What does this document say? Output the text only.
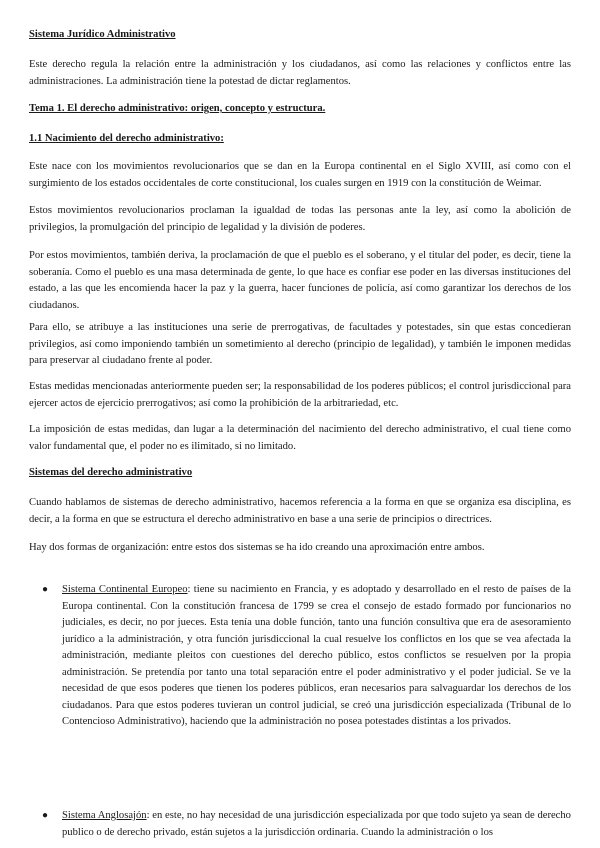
Sistema Jurídico Administrativo

Este derecho regula la relación entre la administración y los ciudadanos, así como las relaciones y conflictos entre las administraciones. La administración tiene la potestad de dictar reglamentos.

Tema 1. El derecho administrativo: origen, concepto y estructura.

1.1 Nacimiento del derecho administrativo:

Este nace con los movimientos revolucionarios que se dan en la Europa continental en el Siglo XVIII, así como con el surgimiento de los estados occidentales de corte constitucional, los cuales surgen en 1919 con la constitución de Weimar.

Estos movimientos revolucionarios proclaman la igualdad de todas las personas ante la ley, así como la abolición de privilegios, la promulgación del principio de legalidad y la división de poderes.

Por estos movimientos, también deriva, la proclamación de que el pueblo es el soberano, y el titular del poder, es decir, tiene la soberanía. Como el pueblo es una masa determinada de gente, lo que hace es confiar ese poder en las diversas instituciones del estado, a las que les encomienda hacer la paz y la guerra, hacer funciones de policía, así como garantizar los derechos de los ciudadanos.

Para ello, se atribuye a las instituciones una serie de prerrogativas, de facultades y potestades, sin que estas concedieran privilegios, así como imponiendo también un sometimiento al derecho (principio de legalidad), y también le imponen medidas para preservar al ciudadano frente al poder.

Estas medidas mencionadas anteriormente pueden ser; la responsabilidad de los poderes públicos; el control jurisdiccional para ejercer actos de ejercicio prerrogativos; así como la prohibición de la arbitrariedad, etc.

La imposición de estas medidas, dan lugar a la determinación del nacimiento del derecho administrativo, el cual tiene como valor fundamental que, el poder no es ilimitado, si no limitado.

Sistemas del derecho administrativo

Cuando hablamos de sistemas de derecho administrativo, hacemos referencia a la forma en que se organiza esa disciplina, es decir, a la forma en que se estructura el derecho administrativo en base a una serie de principios o directrices.

Hay dos formas de organización: entre estos dos sistemas se ha ido creando una aproximación entre ambos.

● Sistema Continental Europeo: tiene su nacimiento en Francia, y es adoptado y desarrollado en el resto de países de la Europa continental. Con la constitución francesa de 1799 se crea el consejo de estado formado por funcionarios no judiciales, es decir, no por jueces. Esta tenía una doble función, tanto una función consultiva que era de asesoramiento jurídico a la administración, y otra función jurisdiccional la cual resuelve los conflictos en los que se vea afectada la administración, mediante pleitos con cuestiones del derecho público, estos conflictos se resuelven por la propia administración. Se pretendía por tanto una total separación entre el poder administrativo y el poder judicial. Se ve la necesidad de que esos poderes que tienen los poderes públicos, eran necesarios para salvaguardar los derechos de los ciudadanos. Para que estos poderes tuvieran un control judicial, se creó una jurisdicción especializada (Tribunal de lo Contencioso Administrativo), haciendo que la administración no posea potestades distintas a los privados.

● Sistema Anglosajón: en este, no hay necesidad de una jurisdicción especializada por que todo sujeto ya sean de derecho publico o de derecho privado, están sujetos a la jurisdicción ordinaria. Cuando la administración o los
